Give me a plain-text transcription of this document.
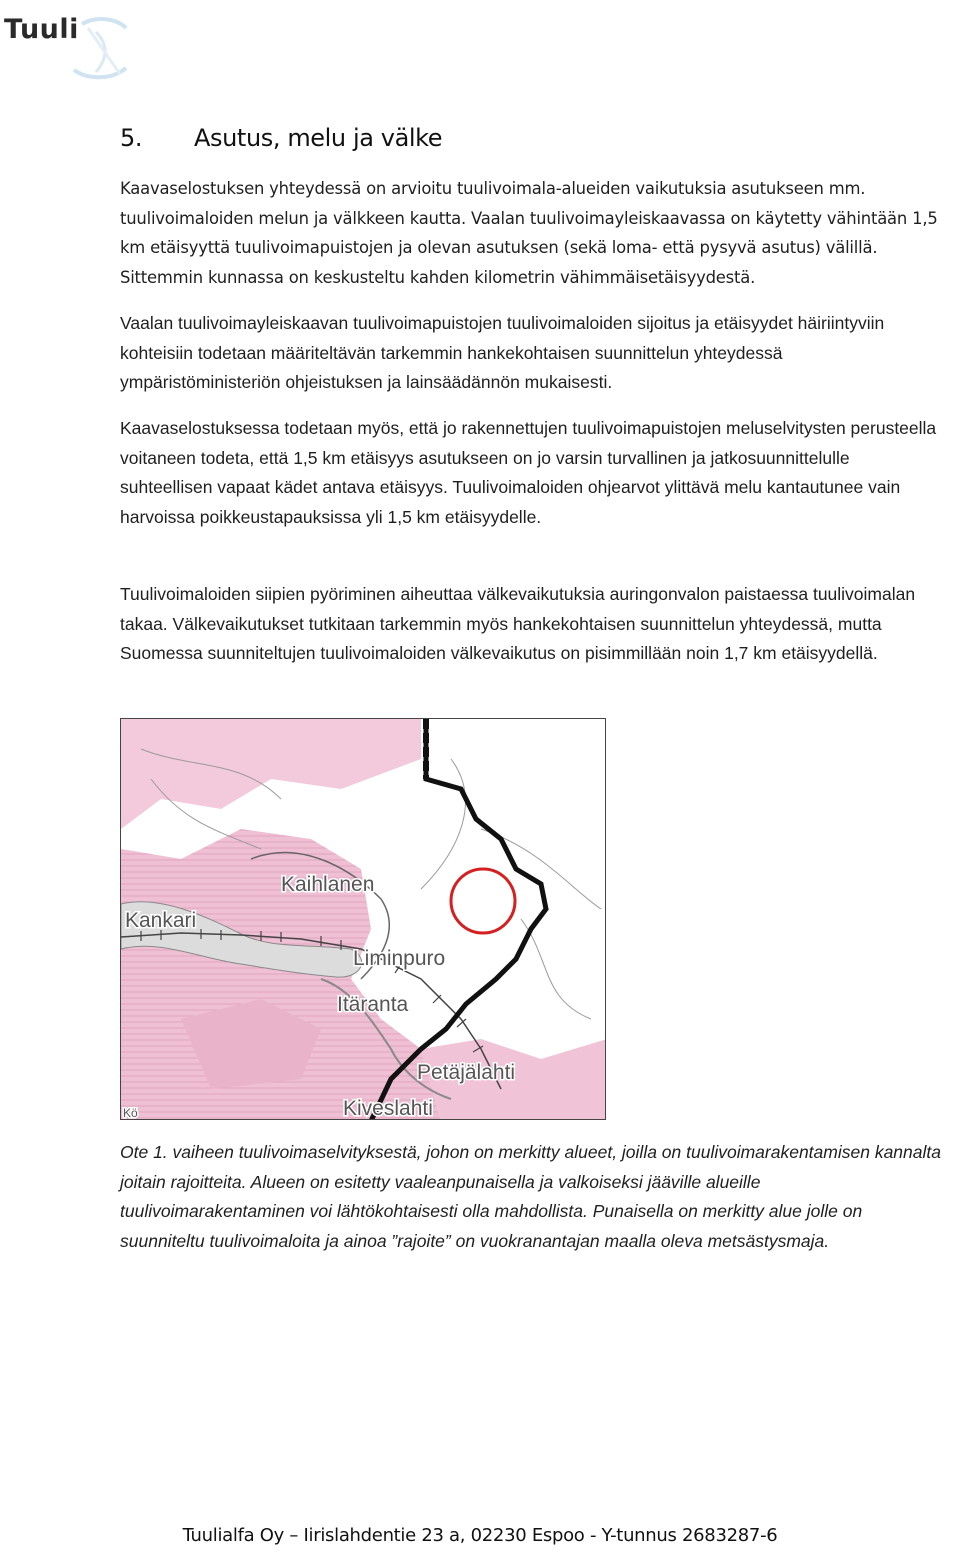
Tuuli
5. Asutus, melu ja välke

Kaavaselostuksen yhteydessä on arvioitu tuulivoimala-alueiden vaikutuksia asutukseen mm. tuulivoimaloiden melun ja välkkeen kautta. Vaalan tuulivoimayleiskaavassa on käytetty vähintään 1,5 km etäisyyttä tuulivoimapuistojen ja olevan asutuksen (sekä loma- että pysyvä asutus) välillä. Sittemmin kunnassa on keskusteltu kahden kilometrin vähimmäisetäisyydestä.

Vaalan tuulivoimayleiskaavan tuulivoimapuistojen tuulivoimaloiden sijoitus ja etäisyydet häiriintyviin kohteisiin todetaan määriteltävän tarkemmin hankekohtaisen suunnittelun yhteydessä ympäristöministeriön ohjeistuksen ja lainsäädännön mukaisesti.

Kaavaselostuksessa todetaan myös, että jo rakennettujen tuulivoimapuistojen meluselvitysten perusteella voitaneen todeta, että 1,5 km etäisyys asutukseen on jo varsin turvallinen ja jatkosuunnittelulle suhteellisen vapaat kädet antava etäisyys. Tuulivoimaloiden ohjearvot ylittävä melu kantautunee vain harvoissa poikkeustapauksissa yli 1,5 km etäisyydelle.

Tuulivoimaloiden siipien pyöriminen aiheuttaa välkevaikutuksia auringonvalon paistaessa tuulivoimalan takaa. Välkevaikutukset tutkitaan tarkemmin myös hankekohtaisen suunnittelun yhteydessä, mutta Suomessa suunniteltujen tuulivoimaloiden välkevaikutus on pisimmillään noin 1,7 km etäisyydellä.

Kaihlanen
Kankari
Liminpuro
Itäranta
Petäjälahti
Kiveslahti
Kö

Ote 1. vaiheen tuulivoimaselvityksestä, johon on merkitty alueet, joilla on tuulivoimarakentamisen kannalta joitain rajoitteita. Alueen on esitetty vaaleanpunaisella ja valkoiseksi jääville alueille tuulivoimarakentaminen voi lähtökohtaisesti olla mahdollista. Punaisella on merkitty alue jolle on suunniteltu tuulivoimaloita ja ainoa ”rajoite” on vuokranantajan maalla oleva metsästysmaja.

Tuulialfa Oy – Iirislahdentie 23 a, 02230 Espoo - Y-tunnus 2683287-6
